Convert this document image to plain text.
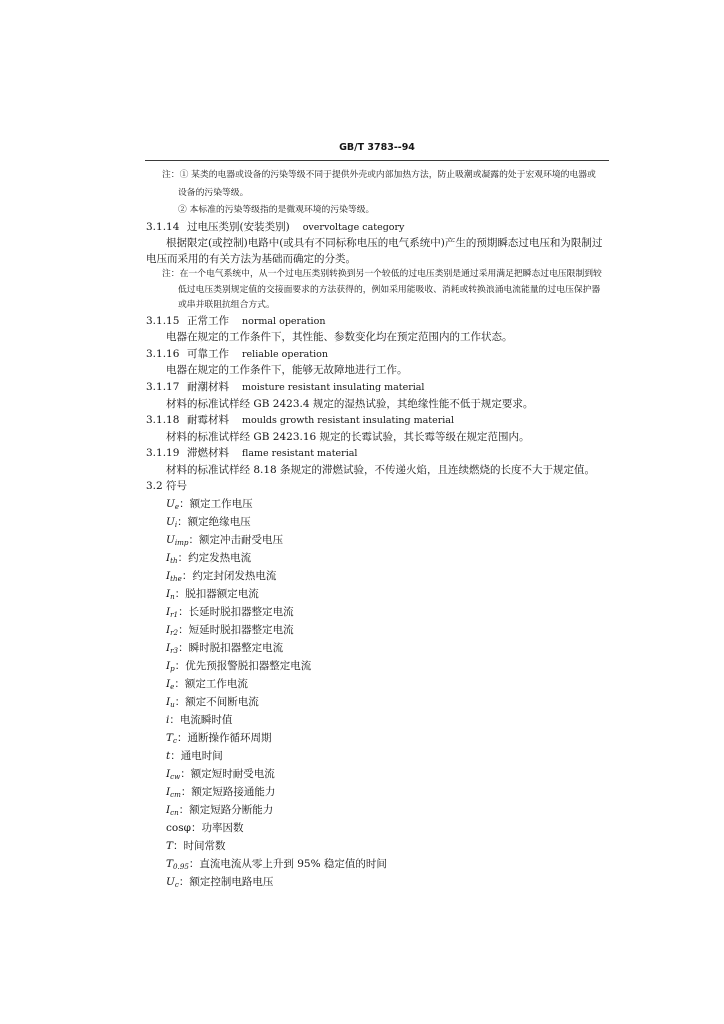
GB/T 3783--94
注：① 某类的电器或设备的污染等级不同于提供外壳或内部加热方法，防止吸潮或凝露的处于宏观环境的电器或
设备的污染等级。
② 本标准的污染等级指的是微观环境的污染等级。
3.1.14 过电压类别(安装类别) overvoltage category
根据限定(或控制)电路中(或具有不同标称电压的电气系统中)产生的预期瞬态过电压和为限制过
电压而采用的有关方法为基础而确定的分类。
注：在一个电气系统中，从一个过电压类别转换到另一个较低的过电压类别是通过采用满足把瞬态过电压限制到较
低过电压类别规定值的交接面要求的方法获得的，例如采用能吸收、消耗或转换浪涌电流能量的过电压保护器
或串并联阻抗组合方式。
3.1.15 正常工作 normal operation
电器在规定的工作条件下，其性能、参数变化均在预定范围内的工作状态。
3.1.16 可靠工作 reliable operation
电器在规定的工作条件下，能够无故障地进行工作。
3.1.17 耐潮材料 moisture resistant insulating material
材料的标准试样经 GB 2423.4 规定的湿热试验，其绝缘性能不低于规定要求。
3.1.18 耐霉材料 moulds growth resistant insulating material
材料的标准试样经 GB 2423.16 规定的长霉试验，其长霉等级在规定范围内。
3.1.19 滞燃材料 flame resistant material
材料的标准试样经 8.18 条规定的滞燃试验，不传递火焰，且连续燃烧的长度不大于规定值。
3.2 符号
Ue：额定工作电压
Ui：额定绝缘电压
Uimp：额定冲击耐受电压
Ith：约定发热电流
Ithe：约定封闭发热电流
In：脱扣器额定电流
Ir1：长延时脱扣器整定电流
Ir2：短延时脱扣器整定电流
Ir3：瞬时脱扣器整定电流
Ip：优先预报警脱扣器整定电流
Ie：额定工作电流
Iu：额定不间断电流
i：电流瞬时值
Tc：通断操作循环周期
t：通电时间
Icw：额定短时耐受电流
Icm：额定短路接通能力
Icn：额定短路分断能力
cosφ：功率因数
T：时间常数
T0.95：直流电流从零上升到 95% 稳定值的时间
Uc：额定控制电路电压
